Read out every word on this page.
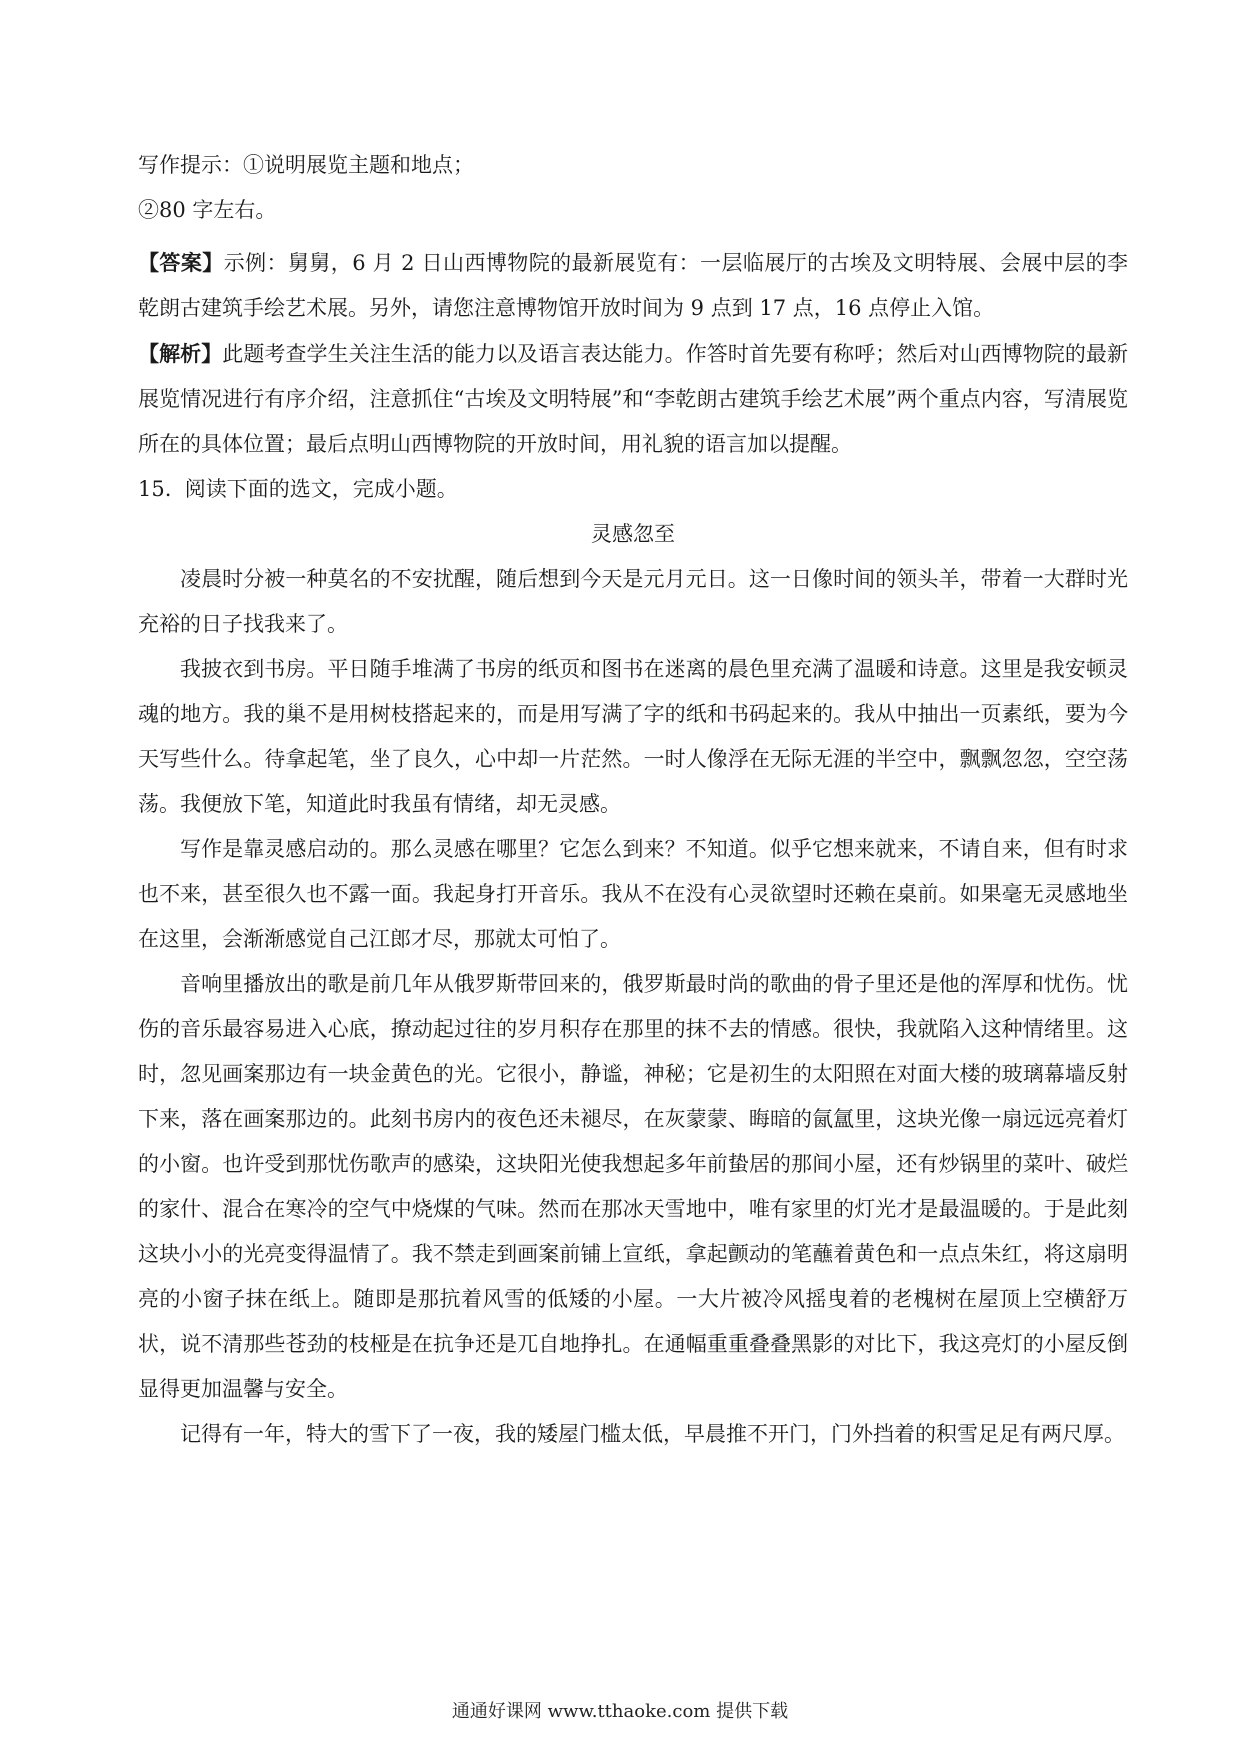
写作提示：①说明展览主题和地点；

②80 字左右。

【答案】示例：舅舅，6 月 2 日山西博物院的最新展览有：一层临展厅的古埃及文明特展、会展中层的李乾朗古建筑手绘艺术展。另外，请您注意博物馆开放时间为 9 点到 17 点，16 点停止入馆。

【解析】此题考查学生关注生活的能力以及语言表达能力。作答时首先要有称呼；然后对山西博物院的最新展览情况进行有序介绍，注意抓住“古埃及文明特展”和“李乾朗古建筑手绘艺术展”两个重点内容，写清展览所在的具体位置；最后点明山西博物院的开放时间，用礼貌的语言加以提醒。

15. 阅读下面的选文，完成小题。

灵感忽至

凌晨时分被一种莫名的不安扰醒，随后想到今天是元月元日。这一日像时间的领头羊，带着一大群时光充裕的日子找我来了。

我披衣到书房。平日随手堆满了书房的纸页和图书在迷离的晨色里充满了温暖和诗意。这里是我安顿灵魂的地方。我的巢不是用树枝搭起来的，而是用写满了字的纸和书码起来的。我从中抽出一页素纸，要为今天写些什么。待拿起笔，坐了良久，心中却一片茫然。一时人像浮在无际无涯的半空中，飘飘忽忽，空空荡荡。我便放下笔，知道此时我虽有情绪，却无灵感。

写作是靠灵感启动的。那么灵感在哪里？它怎么到来？不知道。似乎它想来就来，不请自来，但有时求也不来，甚至很久也不露一面。我起身打开音乐。我从不在没有心灵欲望时还赖在桌前。如果毫无灵感地坐在这里，会渐渐感觉自己江郎才尽，那就太可怕了。

音响里播放出的歌是前几年从俄罗斯带回来的，俄罗斯最时尚的歌曲的骨子里还是他的浑厚和忧伤。忧伤的音乐最容易进入心底，撩动起过往的岁月积存在那里的抹不去的情感。很快，我就陷入这种情绪里。这时，忽见画案那边有一块金黄色的光。它很小，静谧，神秘；它是初生的太阳照在对面大楼的玻璃幕墙反射下来，落在画案那边的。此刻书房内的夜色还未褪尽，在灰蒙蒙、晦暗的氤氲里，这块光像一扇远远亮着灯的小窗。也许受到那忧伤歌声的感染，这块阳光使我想起多年前蛰居的那间小屋，还有炒锅里的菜叶、破烂的家什、混合在寒冷的空气中烧煤的气味。然而在那冰天雪地中，唯有家里的灯光才是最温暖的。于是此刻这块小小的光亮变得温情了。我不禁走到画案前铺上宣纸，拿起颤动的笔蘸着黄色和一点点朱红，将这扇明亮的小窗子抹在纸上。随即是那抗着风雪的低矮的小屋。一大片被冷风摇曳着的老槐树在屋顶上空横舒万状，说不清那些苍劲的枝桠是在抗争还是兀自地挣扎。在通幅重重叠叠黑影的对比下，我这亮灯的小屋反倒显得更加温馨与安全。

记得有一年，特大的雪下了一夜，我的矮屋门槛太低，早晨推不开门，门外挡着的积雪足足有两尺厚。

通通好课网 www.tthaoke.com 提供下载
